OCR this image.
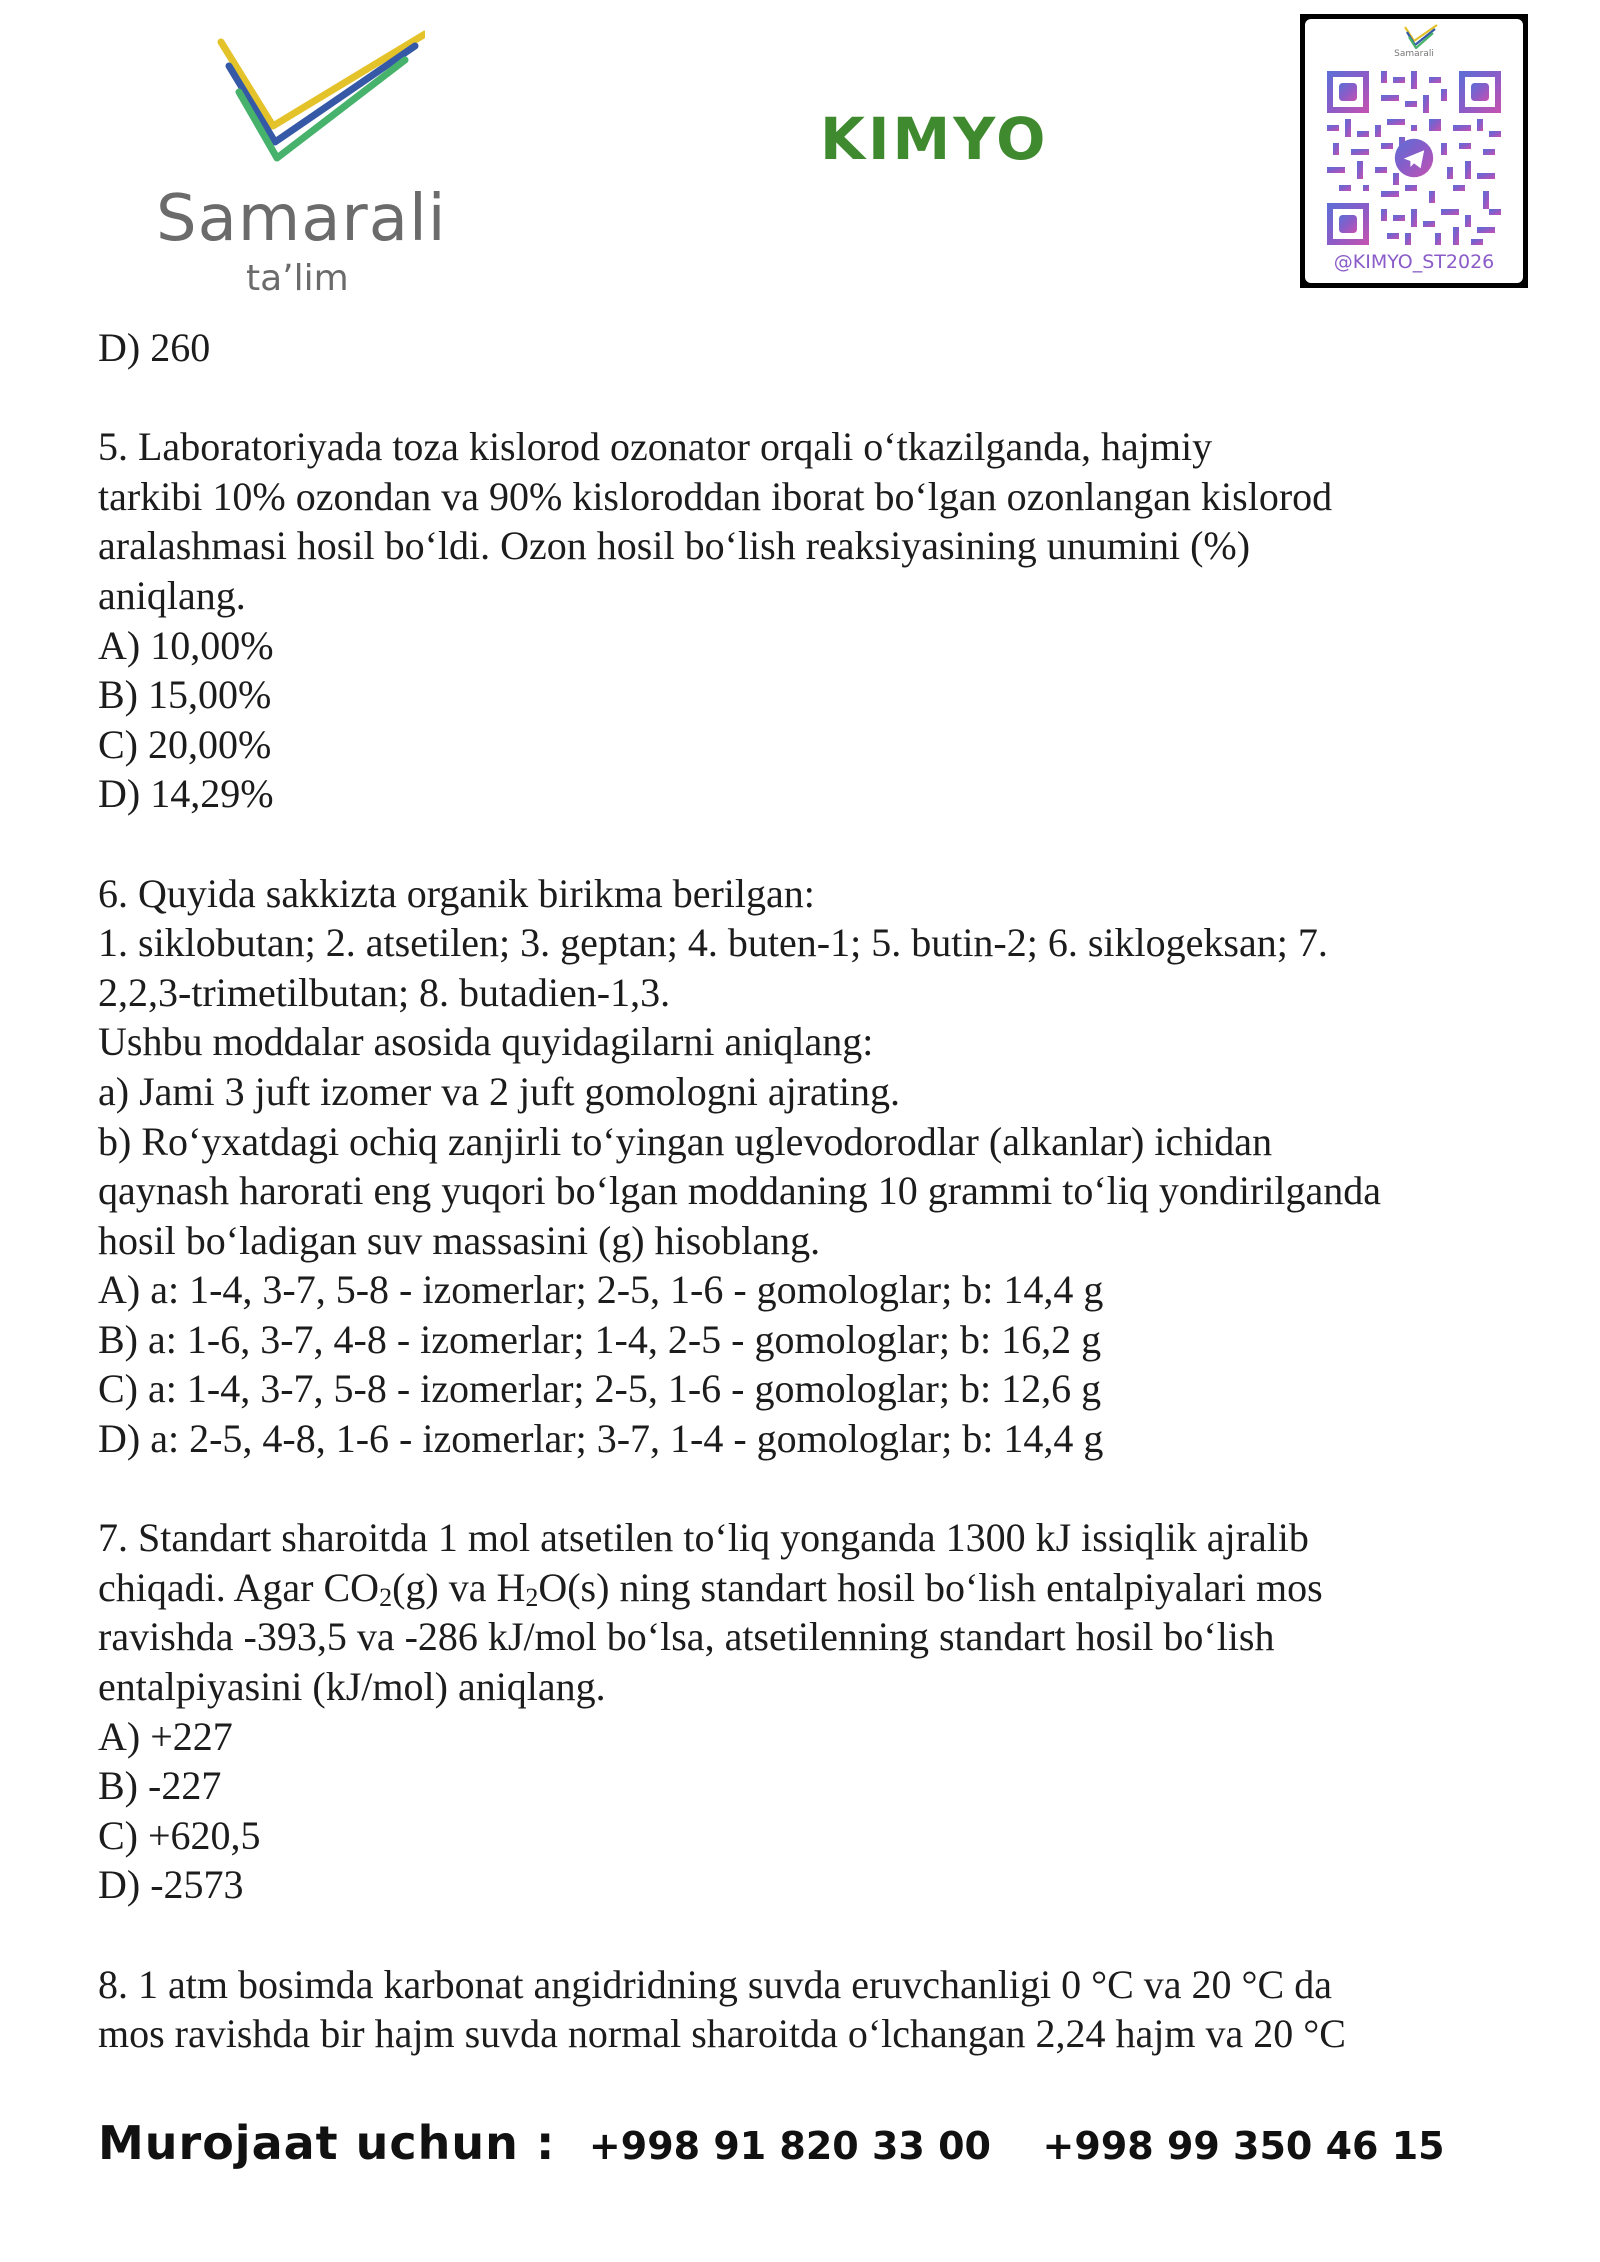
Samarali
ta’lim
KIMYO
Samarali
@KIMYO_ST2026
D) 260
5. Laboratoriyada toza kislorod ozonator orqali o‘tkazilganda, hajmiy
tarkibi 10% ozondan va 90% kisloroddan iborat bo‘lgan ozonlangan kislorod
aralashmasi hosil bo‘ldi. Ozon hosil bo‘lish reaksiyasining unumini (%)
aniqlang.
A) 10,00%
B) 15,00%
C) 20,00%
D) 14,29%
6. Quyida sakkizta organik birikma berilgan:
1. siklobutan; 2. atsetilen; 3. geptan; 4. buten-1; 5. butin-2; 6. siklogeksan; 7.
2,2,3-trimetilbutan; 8. butadien-1,3.
Ushbu moddalar asosida quyidagilarni aniqlang:
a) Jami 3 juft izomer va 2 juft gomologni ajrating.
b) Ro‘yxatdagi ochiq zanjirli to‘yingan uglevodorodlar (alkanlar) ichidan
qaynash harorati eng yuqori bo‘lgan moddaning 10 grammi to‘liq yondirilganda
hosil bo‘ladigan suv massasini (g) hisoblang.
A) a: 1-4, 3-7, 5-8 - izomerlar; 2-5, 1-6 - gomologlar; b: 14,4 g
B) a: 1-6, 3-7, 4-8 - izomerlar; 1-4, 2-5 - gomologlar; b: 16,2 g
C) a: 1-4, 3-7, 5-8 - izomerlar; 2-5, 1-6 - gomologlar; b: 12,6 g
D) a: 2-5, 4-8, 1-6 - izomerlar; 3-7, 1-4 - gomologlar; b: 14,4 g
7. Standart sharoitda 1 mol atsetilen to‘liq yonganda 1300 kJ issiqlik ajralib
chiqadi. Agar $CO_2(g)$ va $H_2O(s)$ ning standart hosil bo‘lish entalpiyalari mos
ravishda -393,5 va -286 kJ/mol bo‘lsa, atsetilenning standart hosil bo‘lish
entalpiyasini (kJ/mol) aniqlang.
A) +227
B) -227
C) +620,5
D) -2573
8. 1 atm bosimda karbonat angidridning suvda eruvchanligi 0 °C va 20 °C da
mos ravishda bir hajm suvda normal sharoitda o‘lchangan 2,24 hajm va 20 °C
Murojaat uchun : +998 91 820 33 00 +998 99 350 46 15
